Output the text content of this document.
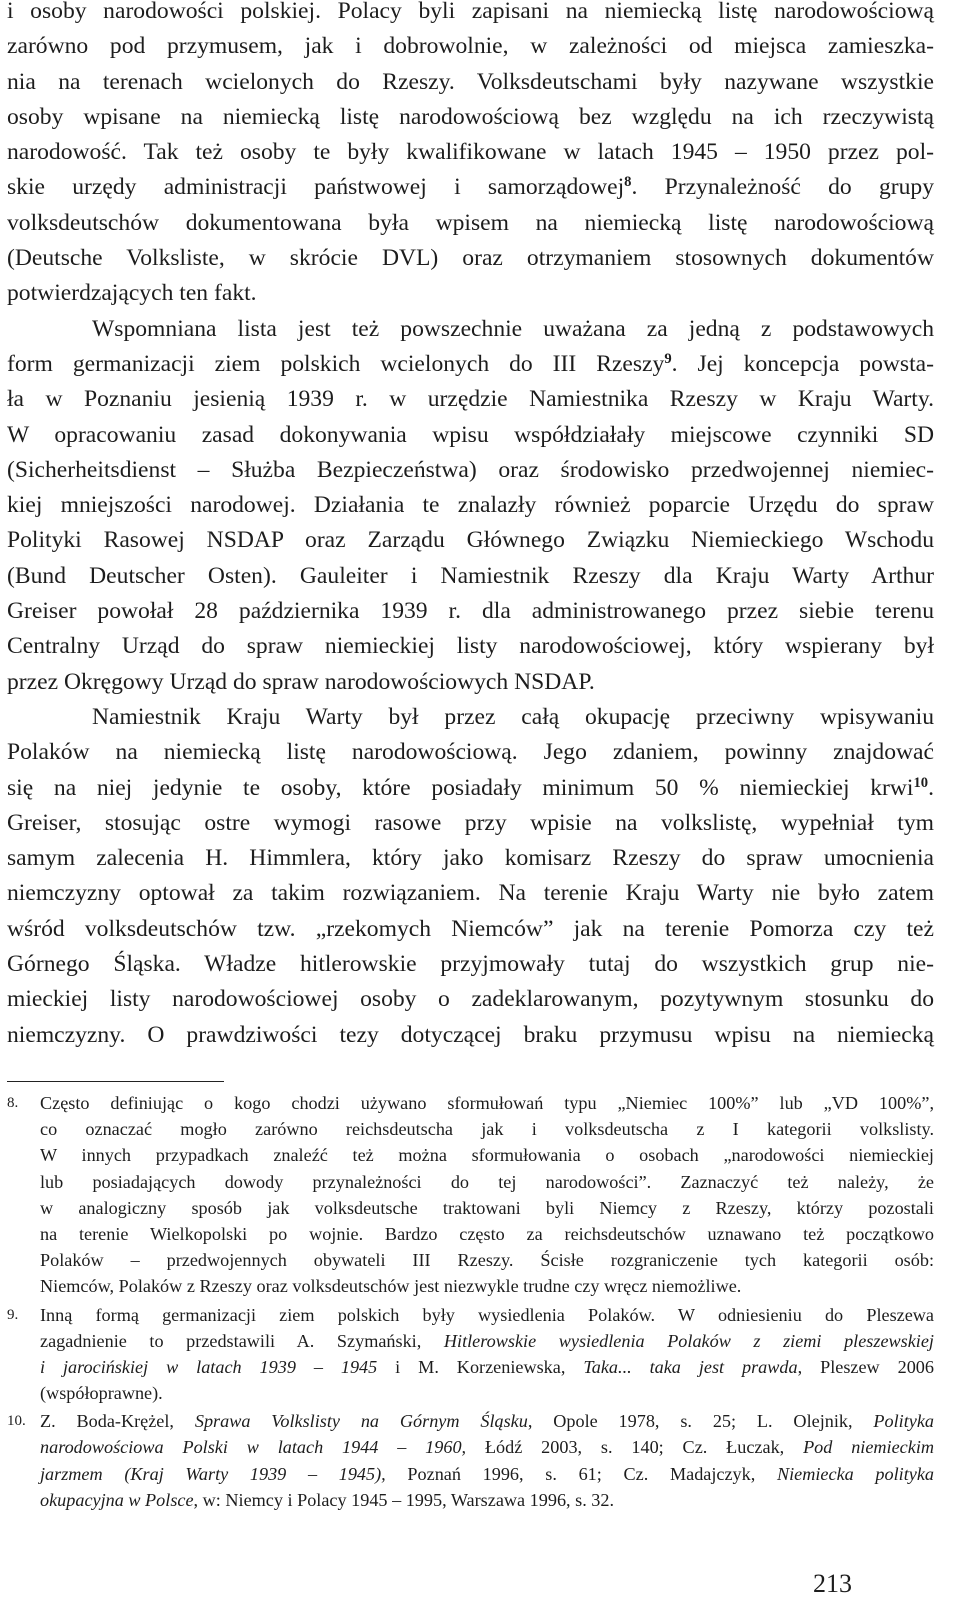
i osoby narodowości polskiej. Polacy byli zapisani na niemiecką listę narodowościową
zarówno pod przymusem, jak i dobrowolnie, w zależności od miejsca zamieszka-
nia na terenach wcielonych do Rzeszy. Volksdeutschami były nazywane wszystkie
osoby wpisane na niemiecką listę narodowościową bez względu na ich rzeczywistą
narodowość. Tak też osoby te były kwalifikowane w latach 1945 – 1950 przez pol-
skie urzędy administracji państwowej i samorządowej$^8$. Przynależność do grupy
volksdeutschów dokumentowana była wpisem na niemiecką listę narodowościową
(Deutsche Volksliste, w skrócie DVL) oraz otrzymaniem stosownych dokumentów
potwierdzających ten fakt.
Wspomniana lista jest też powszechnie uważana za jedną z podstawowych
form germanizacji ziem polskich wcielonych do III Rzeszy$^9$. Jej koncepcja powsta-
ła w Poznaniu jesienią 1939 r. w urzędzie Namiestnika Rzeszy w Kraju Warty.
W opracowaniu zasad dokonywania wpisu współdziałały miejscowe czynniki SD
(Sicherheitsdienst – Służba Bezpieczeństwa) oraz środowisko przedwojennej niemiec-
kiej mniejszości narodowej. Działania te znalazły również poparcie Urzędu do spraw
Polityki Rasowej NSDAP oraz Zarządu Głównego Związku Niemieckiego Wschodu
(Bund Deutscher Osten). Gauleiter i Namiestnik Rzeszy dla Kraju Warty Arthur
Greiser powołał 28 października 1939 r. dla administrowanego przez siebie terenu
Centralny Urząd do spraw niemieckiej listy narodowościowej, który wspierany był
przez Okręgowy Urząd do spraw narodowościowych NSDAP.
Namiestnik Kraju Warty był przez całą okupację przeciwny wpisywaniu
Polaków na niemiecką listę narodowościową. Jego zdaniem, powinny znajdować
się na niej jedynie te osoby, które posiadały minimum 50 % niemieckiej krwi$^{10}$.
Greiser, stosując ostre wymogi rasowe przy wpisie na volkslistę, wypełniał tym
samym zalecenia H. Himmlera, który jako komisarz Rzeszy do spraw umocnienia
niemczyzny optował za takim rozwiązaniem. Na terenie Kraju Warty nie było zatem
wśród volksdeutschów tzw. „rzekomych Niemców” jak na terenie Pomorza czy też
Górnego Śląska. Władze hitlerowskie przyjmowały tutaj do wszystkich grup nie-
mieckiej listy narodowościowej osoby o zadeklarowanym, pozytywnym stosunku do
niemczyzny. O prawdziwości tezy dotyczącej braku przymusu wpisu na niemiecką
8. Często definiując o kogo chodzi używano sformułowań typu „Niemiec 100%” lub „VD 100%”,
co oznaczać mogło zarówno reichsdeutscha jak i volksdeutscha z I kategorii volkslisty.
W innych przypadkach znaleźć też można sformułowania o osobach „narodowości niemieckiej
lub posiadających dowody przynależności do tej narodowości”. Zaznaczyć też należy, że
w analogiczny sposób jak volksdeutsche traktowani byli Niemcy z Rzeszy, którzy pozostali
na terenie Wielkopolski po wojnie. Bardzo często za reichsdeutschów uznawano też początkowo
Polaków – przedwojennych obywateli III Rzeszy. Ścisłe rozgraniczenie tych kategorii osób:
Niemców, Polaków z Rzeszy oraz volksdeutschów jest niezwykle trudne czy wręcz niemożliwe.
9. Inną formą germanizacji ziem polskich były wysiedlenia Polaków. W odniesieniu do Pleszewa
zagadnienie to przedstawili A. Szymański, Hitlerowskie wysiedlenia Polaków z ziemi pleszewskiej
i jarocińskiej w latach 1939 – 1945 i M. Korzeniewska, Taka... taka jest prawda, Pleszew 2006
(współoprawne).
10. Z. Boda-Krężel, Sprawa Volkslisty na Górnym Śląsku, Opole 1978, s. 25; L. Olejnik, Polityka
narodowościowa Polski w latach 1944 – 1960, Łódź 2003, s. 140; Cz. Łuczak, Pod niemieckim
jarzmem (Kraj Warty 1939 – 1945), Poznań 1996, s. 61; Cz. Madajczyk, Niemiecka polityka
okupacyjna w Polsce, w: Niemcy i Polacy 1945 – 1995, Warszawa 1996, s. 32.
213
